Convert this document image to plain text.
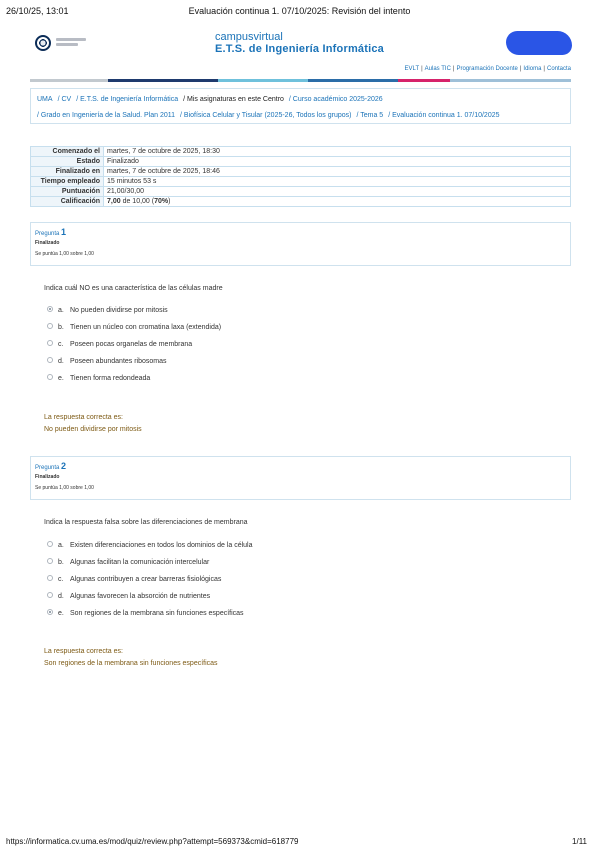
26/10/25, 13:01	Evaluación continua 1. 07/10/2025: Revisión del intento
campusvirtual
E.T.S. de Ingeniería Informática
EVLT | Aulas TIC | Programación Docente | Idioma | Contacta
UMA / CV / E.T.S. de Ingeniería Informática / Mis asignaturas en este Centro / Curso académico 2025-2026
/ Grado en Ingeniería de la Salud. Plan 2011 / Biofísica Celular y Tisular (2025-26, Todos los grupos) / Tema 5 / Evaluación continua 1. 07/10/2025
Comenzado el	martes, 7 de octubre de 2025, 18:30
Estado	Finalizado
Finalizado en	martes, 7 de octubre de 2025, 18:46
Tiempo empleado	15 minutos 53 s
Puntuación	21,00/30,00
Calificación	7,00 de 10,00 (70%)
Pregunta 1
Finalizado
Se puntúa 1,00 sobre 1,00
Indica cuál NO es una característica de las células madre
a. No pueden dividirse por mitosis
b. Tienen un núcleo con cromatina laxa (extendida)
c. Poseen pocas organelas de membrana
d. Poseen abundantes ribosomas
e. Tienen forma redondeada
La respuesta correcta es:
No pueden dividirse por mitosis
Pregunta 2
Finalizado
Se puntúa 1,00 sobre 1,00
Indica la respuesta falsa sobre las diferenciaciones de membrana
a. Existen diferenciaciones en todos los dominios de la célula
b. Algunas facilitan la comunicación intercelular
c. Algunas contribuyen a crear barreras fisiológicas
d. Algunas favorecen la absorción de nutrientes
e. Son regiones de la membrana sin funciones específicas
La respuesta correcta es:
Son regiones de la membrana sin funciones específicas
https://informatica.cv.uma.es/mod/quiz/review.php?attempt=569373&cmid=618779	1/11
